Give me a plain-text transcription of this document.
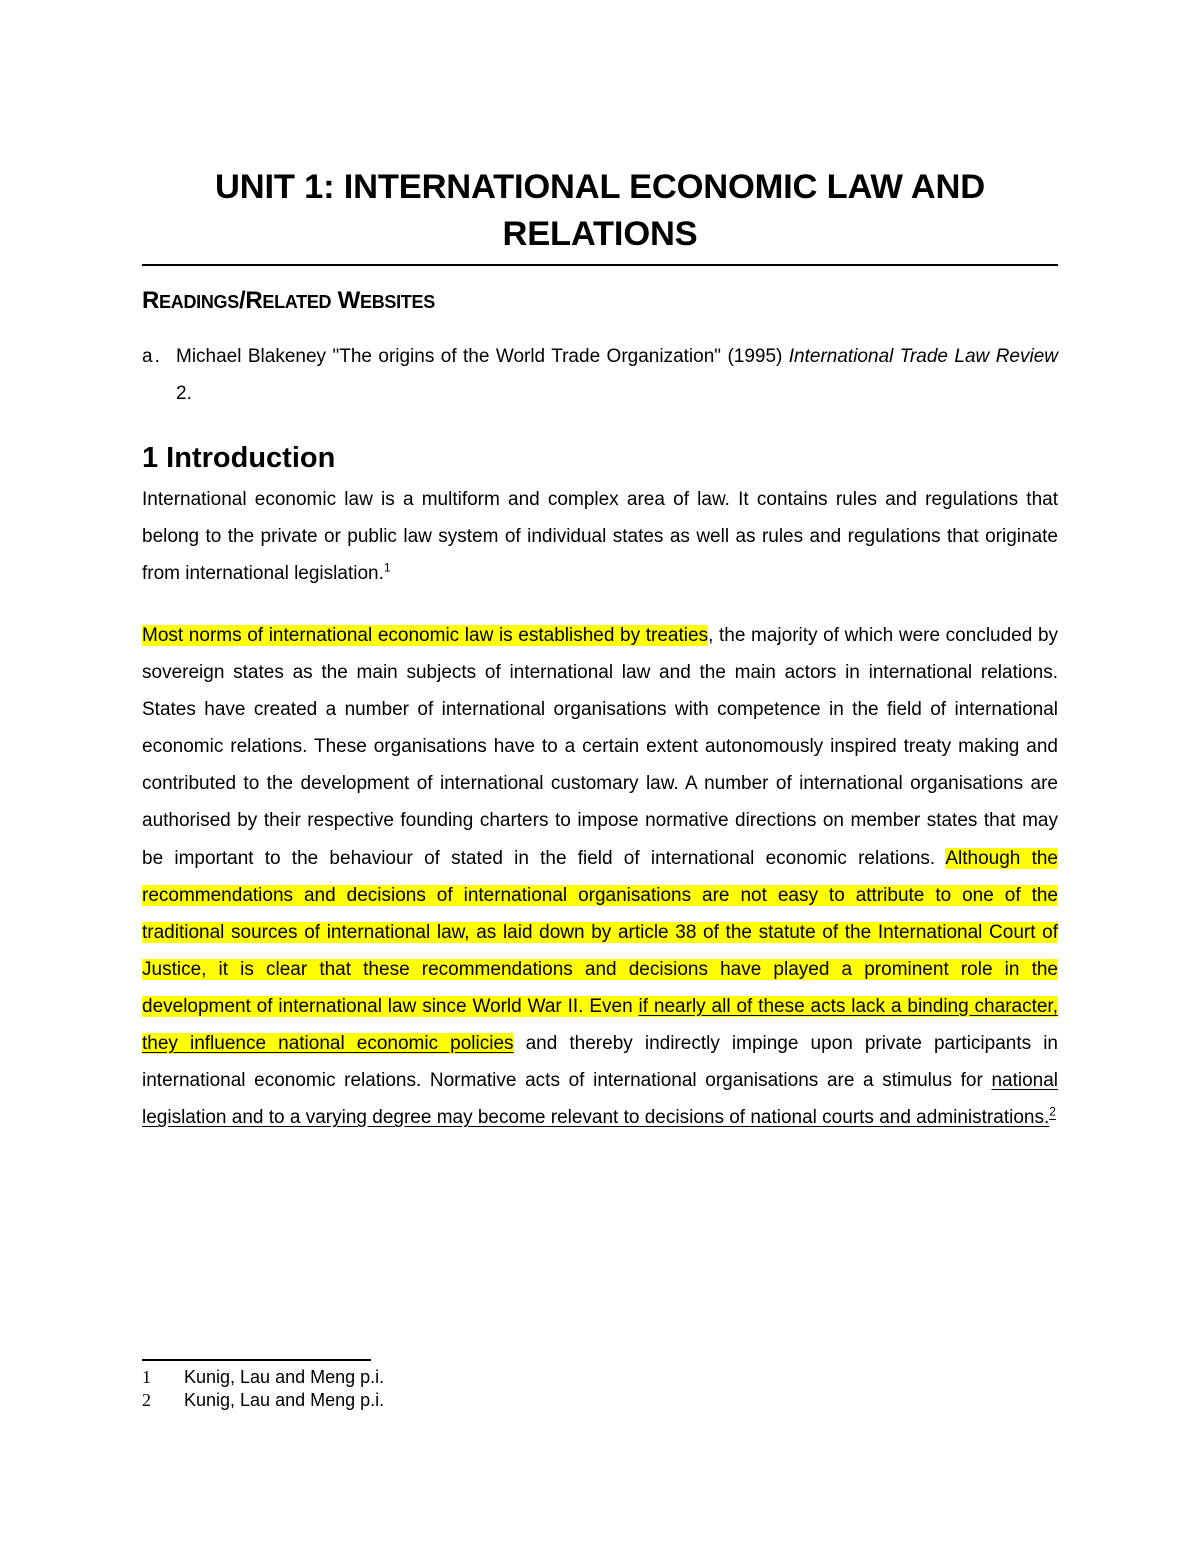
UNIT 1: INTERNATIONAL ECONOMIC LAW AND
RELATIONS
READINGS/RELATED WEBSITES
a. Michael Blakeney "The origins of the World Trade Organization" (1995) International Trade Law Review 2.

1 Introduction

International economic law is a multiform and complex area of law. It contains rules and regulations that belong to the private or public law system of individual states as well as rules and regulations that originate from international legislation.$^1$

Most norms of international economic law is established by treaties, the majority of which were concluded by sovereign states as the main subjects of international law and the main actors in international relations. States have created a number of international organisations with competence in the field of international economic relations. These organisations have to a certain extent autonomously inspired treaty making and contributed to the development of international customary law. A number of international organisations are authorised by their respective founding charters to impose normative directions on member states that may be important to the behaviour of stated in the field of international economic relations. Although the recommendations and decisions of international organisations are not easy to attribute to one of the traditional sources of international law, as laid down by article 38 of the statute of the International Court of Justice, it is clear that these recommendations and decisions have played a prominent role in the development of international law since World War II. Even if nearly all of these acts lack a binding character, they influence national economic policies and thereby indirectly impinge upon private participants in international economic relations. Normative acts of international organisations are a stimulus for national legislation and to a varying degree may become relevant to decisions of national courts and administrations.$^2$

1	Kunig, Lau and Meng p.i.
2	Kunig, Lau and Meng p.i.
